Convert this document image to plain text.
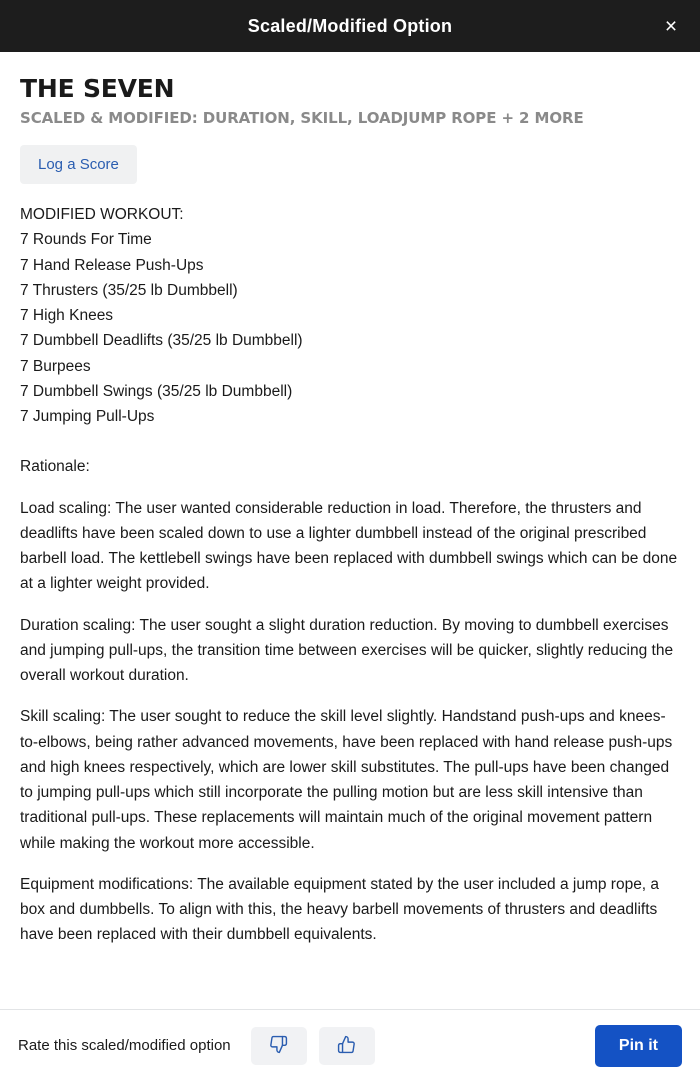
Scaled/Modified Option	×
THE SEVEN
SCALED & MODIFIED: DURATION, SKILL, LOADJUMP ROPE + 2 MORE
Log a Score
MODIFIED WORKOUT:
7 Rounds For Time
7 Hand Release Push-Ups
7 Thrusters (35/25 lb Dumbbell)
7 High Knees
7 Dumbbell Deadlifts (35/25 lb Dumbbell)
7 Burpees
7 Dumbbell Swings (35/25 lb Dumbbell)
7 Jumping Pull-Ups

Rationale:

Load scaling: The user wanted considerable reduction in load. Therefore, the thrusters and deadlifts have been scaled down to use a lighter dumbbell instead of the original prescribed barbell load. The kettlebell swings have been replaced with dumbbell swings which can be done at a lighter weight provided.

Duration scaling: The user sought a slight duration reduction. By moving to dumbbell exercises and jumping pull-ups, the transition time between exercises will be quicker, slightly reducing the overall workout duration.

Skill scaling: The user sought to reduce the skill level slightly. Handstand push-ups and knees-to-elbows, being rather advanced movements, have been replaced with hand release push-ups and high knees respectively, which are lower skill substitutes. The pull-ups have been changed to jumping pull-ups which still incorporate the pulling motion but are less skill intensive than traditional pull-ups. These replacements will maintain much of the original movement pattern while making the workout more accessible.

Equipment modifications: The available equipment stated by the user included a jump rope, a box and dumbbells. To align with this, the heavy barbell movements of thrusters and deadlifts have been replaced with their dumbbell equivalents.

Rate this scaled/modified option	Pin it
